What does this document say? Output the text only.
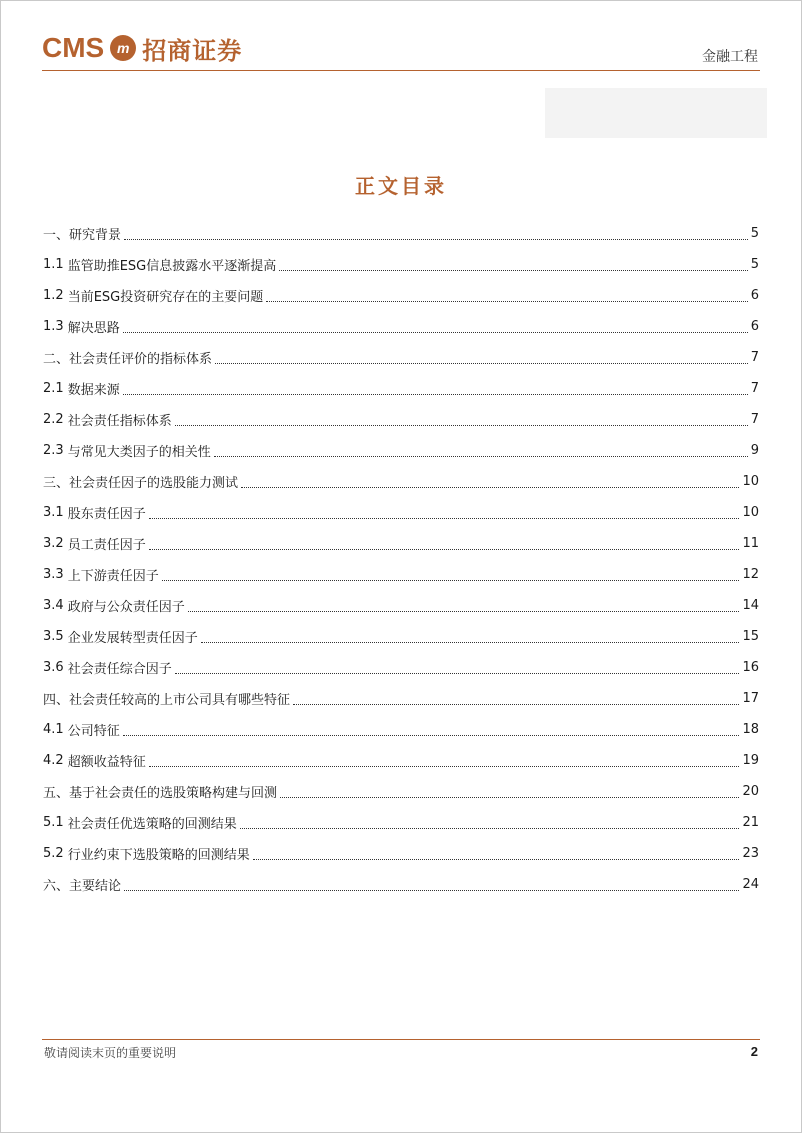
CMS m 招商证券	金融工程
正文目录
一、研究背景	5
1.1 监管助推ESG信息披露水平逐渐提高	5
1.2 当前ESG投资研究存在的主要问题	6
1.3 解决思路	6
二、社会责任评价的指标体系	7
2.1 数据来源	7
2.2 社会责任指标体系	7
2.3 与常见大类因子的相关性	9
三、社会责任因子的选股能力测试	10
3.1 股东责任因子	10
3.2 员工责任因子	11
3.3 上下游责任因子	12
3.4 政府与公众责任因子	14
3.5 企业发展转型责任因子	15
3.6 社会责任综合因子	16
四、社会责任较高的上市公司具有哪些特征	17
4.1 公司特征	18
4.2 超额收益特征	19
五、基于社会责任的选股策略构建与回测	20
5.1 社会责任优选策略的回测结果	21
5.2 行业约束下选股策略的回测结果	23
六、主要结论	24
敬请阅读末页的重要说明	2
